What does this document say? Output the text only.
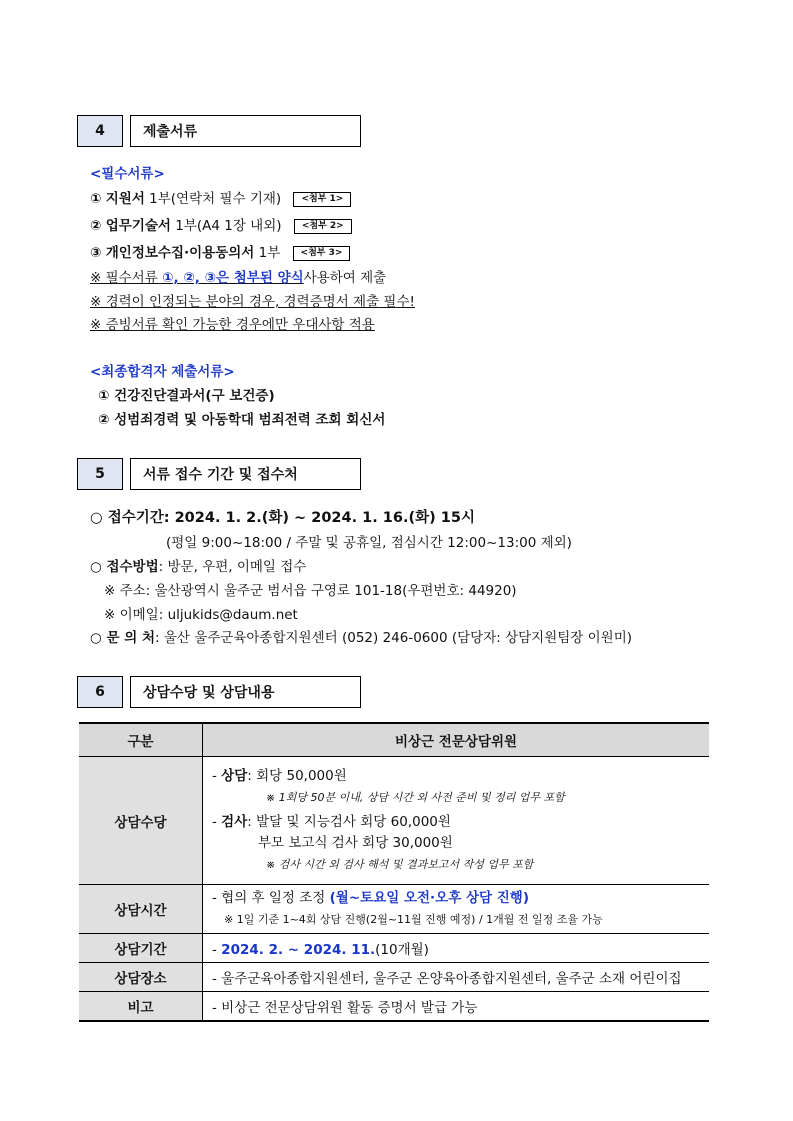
4	제출서류
<필수서류>
① 지원서 1부(연락처 필수 기재) <첨부 1>
② 업무기술서 1부(A4 1장 내외) <첨부 2>
③ 개인정보수집·이용동의서 1부 <첨부 3>
※ 필수서류 ①, ②, ③은 첨부된 양식사용하여 제출
※ 경력이 인정되는 분야의 경우, 경력증명서 제출 필수!
※ 증빙서류 확인 가능한 경우에만 우대사항 적용
<최종합격자 제출서류>
① 건강진단결과서(구 보건증)
② 성범죄경력 및 아동학대 범죄전력 조회 회신서
5	서류 접수 기간 및 접수처
○ 접수기간: 2024. 1. 2.(화) ~ 2024. 1. 16.(화) 15시
(평일 9:00~18:00 / 주말 및 공휴일, 점심시간 12:00~13:00 제외)
○ 접수방법: 방문, 우편, 이메일 접수
※ 주소: 울산광역시 울주군 범서읍 구영로 101-18(우편번호: 44920)
※ 이메일: uljukids@daum.net
○ 문 의 처: 울산 울주군육아종합지원센터 (052) 246-0600 (담당자: 상담지원팀장 이원미)
6	상담수당 및 상담내용
구분	비상근 전문상담위원
상담수당	- 상담: 회당 50,000원
※ 1회당 50분 이내, 상담 시간 외 사전 준비 및 정리 업무 포함
- 검사: 발달 및 지능검사 회당 60,000원
부모 보고식 검사 회당 30,000원
※ 검사 시간 외 검사 해석 및 결과보고서 작성 업무 포함

상담시간	- 협의 후 일정 조정 (월~토요일 오전·오후 상담 진행)
※ 1일 기준 1~4회 상담 진행(2월~11월 진행 예정) / 1개월 전 일정 조율 가능

상담기간	- 2024. 2. ~ 2024. 11.(10개월)
상담장소	- 울주군육아종합지원센터, 울주군 온양육아종합지원센터, 울주군 소재 어린이집
비고	- 비상근 전문상담위원 활동 증명서 발급 가능
